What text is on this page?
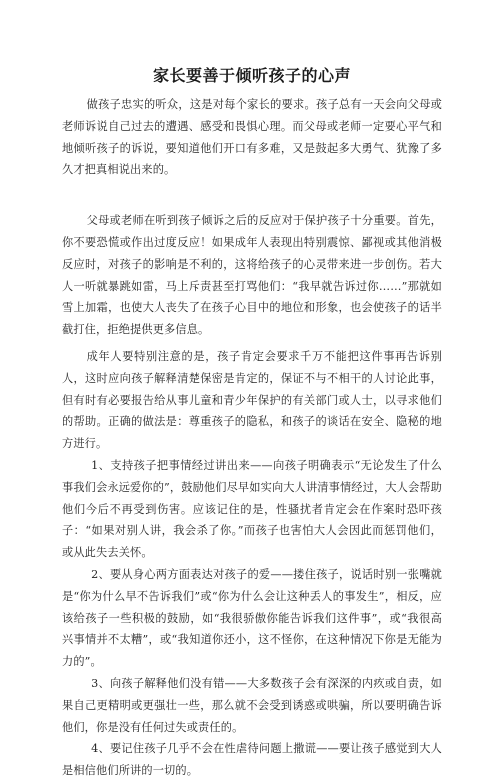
家长要善于倾听孩子的心声

做孩子忠实的听众，这是对每个家长的要求。孩子总有一天会向父母或老师诉说自己过去的遭遇、感受和畏惧心理。而父母或老师一定要心平气和地倾听孩子的诉说，要知道他们开口有多难，又是鼓起多大勇气、犹豫了多久才把真相说出来的。

父母或老师在听到孩子倾诉之后的反应对于保护孩子十分重要。首先，你不要恐慌或作出过度反应！如果成年人表现出特别震惊、鄙视或其他消极反应时，对孩子的影响是不利的，这将给孩子的心灵带来进一步创伤。若大人一听就暴跳如雷，马上斥责甚至打骂他们：“我早就告诉过你……”那就如雪上加霜，也使大人丧失了在孩子心目中的地位和形象，也会使孩子的话半截打住，拒绝提供更多信息。

成年人要特别注意的是，孩子肯定会要求千万不能把这件事再告诉别人，这时应向孩子解释清楚保密是肯定的，保证不与不相干的人讨论此事，但有时有必要报告给从事儿童和青少年保护的有关部门或人士，以寻求他们的帮助。正确的做法是：尊重孩子的隐私，和孩子的谈话在安全、隐秘的地方进行。

1、支持孩子把事情经过讲出来——向孩子明确表示“无论发生了什么事我们会永远爱你的”，鼓励他们尽早如实向大人讲清事情经过，大人会帮助他们今后不再受到伤害。应该记住的是，性骚扰者肯定会在作案时恐吓孩子：“如果对别人讲，我会杀了你。”而孩子也害怕大人会因此而惩罚他们，或从此失去关怀。

2、要从身心两方面表达对孩子的爱——搂住孩子，说话时别一张嘴就是“你为什么早不告诉我们”或“你为什么会让这种丢人的事发生”，相反，应该给孩子一些积极的鼓励，如“我很骄傲你能告诉我们这件事”，或“我很高兴事情并不太糟”，或“我知道你还小，这不怪你，在这种情况下你是无能为力的”。

3、向孩子解释他们没有错——大多数孩子会有深深的内疚或自责，如果自己更精明或更强壮一些，那么就不会受到诱惑或哄骗，所以要明确告诉他们，你是没有任何过失或责任的。

4、要记住孩子几乎不会在性虐待问题上撒谎——要让孩子感觉到大人是相信他们所讲的一切的。
